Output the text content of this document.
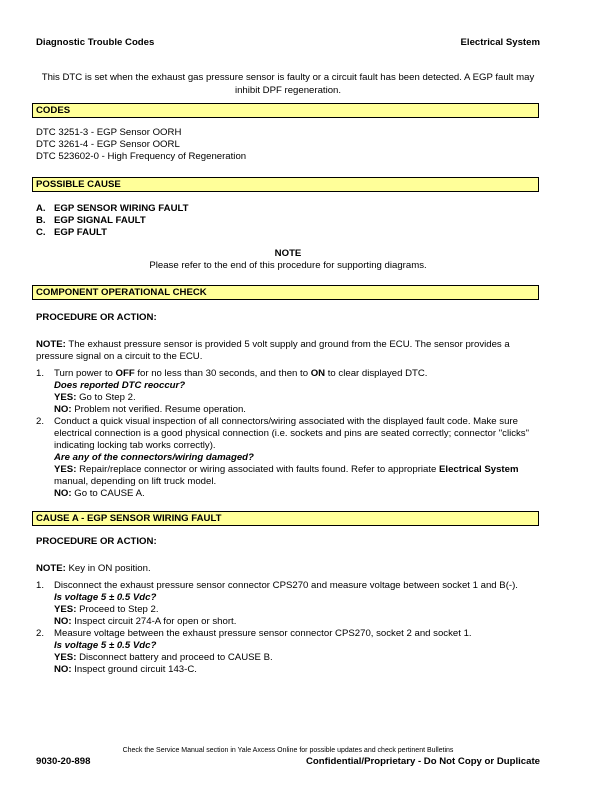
Diagnostic Trouble Codes	Electrical System
This DTC is set when the exhaust gas pressure sensor is faulty or a circuit fault has been detected. A EGP fault may inhibit DPF regeneration.
CODES
DTC 3251-3 - EGP Sensor OORH
DTC 3261-4 - EGP Sensor OORL
DTC 523602-0 - High Frequency of Regeneration
POSSIBLE CAUSE
A. EGP SENSOR WIRING FAULT
B. EGP SIGNAL FAULT
C. EGP FAULT
NOTE
Please refer to the end of this procedure for supporting diagrams.
COMPONENT OPERATIONAL CHECK
PROCEDURE OR ACTION:
NOTE: The exhaust pressure sensor is provided 5 volt supply and ground from the ECU. The sensor provides a pressure signal on a circuit to the ECU.
1. Turn power to OFF for no less than 30 seconds, and then to ON to clear displayed DTC.
Does reported DTC reoccur?
YES: Go to Step 2.
NO: Problem not verified. Resume operation.
2. Conduct a quick visual inspection of all connectors/wiring associated with the displayed fault code. Make sure electrical connection is a good physical connection (i.e. sockets and pins are seated correctly; connector "clicks" indicating locking tab works correctly).
Are any of the connectors/wiring damaged?
YES: Repair/replace connector or wiring associated with faults found. Refer to appropriate Electrical System manual, depending on lift truck model.
NO: Go to CAUSE A.
CAUSE A - EGP SENSOR WIRING FAULT
PROCEDURE OR ACTION:
NOTE: Key in ON position.
1. Disconnect the exhaust pressure sensor connector CPS270 and measure voltage between socket 1 and B(-).
Is voltage 5 ± 0.5 Vdc?
YES: Proceed to Step 2.
NO: Inspect circuit 274-A for open or short.
2. Measure voltage between the exhaust pressure sensor connector CPS270, socket 2 and socket 1.
Is voltage 5 ± 0.5 Vdc?
YES: Disconnect battery and proceed to CAUSE B.
NO: Inspect ground circuit 143-C.
Check the Service Manual section in Yale Axcess Online for possible updates and check pertinent Bulletins
9030-20-898	Confidential/Proprietary - Do Not Copy or Duplicate
